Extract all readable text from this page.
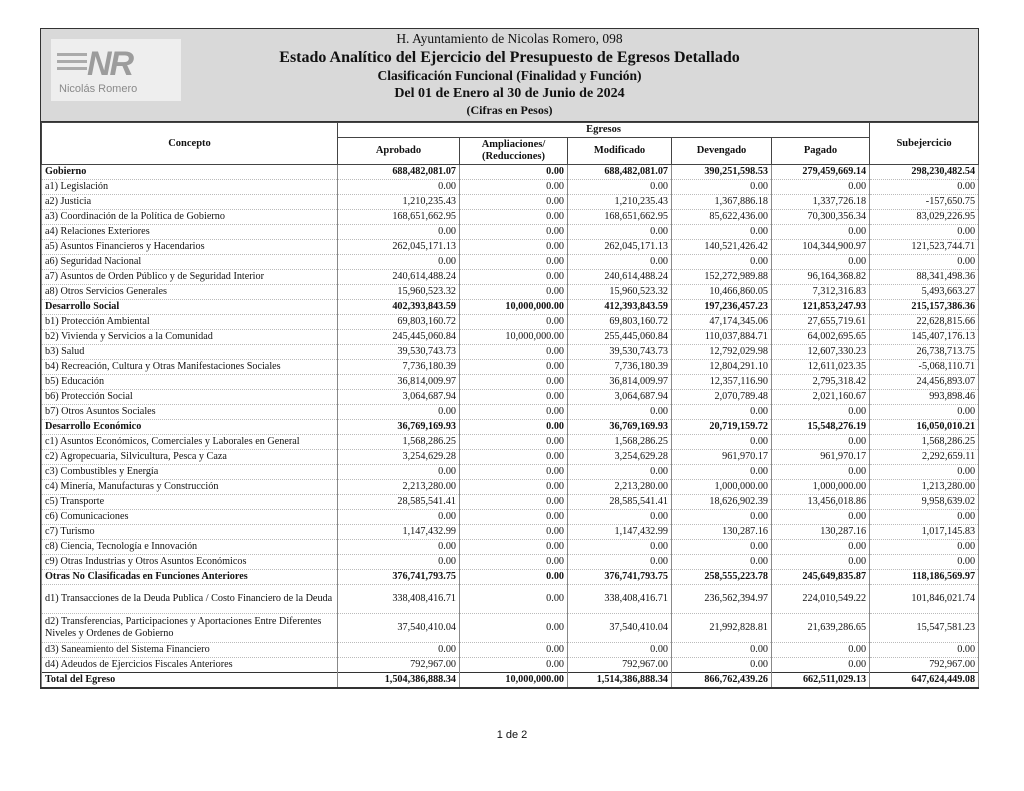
NR
Nicolás Romero

H. Ayuntamiento de Nicolas Romero, 098

Estado Analítico del Ejercicio del Presupuesto de Egresos Detallado

Clasificación Funcional (Finalidad y Función)

Del 01 de Enero al 30 de Junio de 2024

(Cifras en Pesos)

Concepto	Egresos					Subejercicio
	Aprobado	Ampliaciones/ (Reducciones)	Modificado	Devengado	Pagado	
Gobierno	688,482,081.07	0.00	688,482,081.07	390,251,598.53	279,459,669.14	298,230,482.54
a1) Legislación	0.00	0.00	0.00	0.00	0.00	0.00
a2) Justicia	1,210,235.43	0.00	1,210,235.43	1,367,886.18	1,337,726.18	-157,650.75
a3) Coordinación de la Política de Gobierno	168,651,662.95	0.00	168,651,662.95	85,622,436.00	70,300,356.34	83,029,226.95
a4) Relaciones Exteriores	0.00	0.00	0.00	0.00	0.00	0.00
a5) Asuntos Financieros y Hacendarios	262,045,171.13	0.00	262,045,171.13	140,521,426.42	104,344,900.97	121,523,744.71
a6) Seguridad Nacional	0.00	0.00	0.00	0.00	0.00	0.00
a7) Asuntos de Orden Público y de Seguridad Interior	240,614,488.24	0.00	240,614,488.24	152,272,989.88	96,164,368.82	88,341,498.36
a8) Otros Servicios Generales	15,960,523.32	0.00	15,960,523.32	10,466,860.05	7,312,316.83	5,493,663.27
Desarrollo Social	402,393,843.59	10,000,000.00	412,393,843.59	197,236,457.23	121,853,247.93	215,157,386.36
b1) Protección Ambiental	69,803,160.72	0.00	69,803,160.72	47,174,345.06	27,655,719.61	22,628,815.66
b2) Vivienda y Servicios a la Comunidad	245,445,060.84	10,000,000.00	255,445,060.84	110,037,884.71	64,002,695.65	145,407,176.13
b3) Salud	39,530,743.73	0.00	39,530,743.73	12,792,029.98	12,607,330.23	26,738,713.75
b4) Recreación, Cultura y Otras Manifestaciones Sociales	7,736,180.39	0.00	7,736,180.39	12,804,291.10	12,611,023.35	-5,068,110.71
b5) Educación	36,814,009.97	0.00	36,814,009.97	12,357,116.90	2,795,318.42	24,456,893.07
b6) Protección Social	3,064,687.94	0.00	3,064,687.94	2,070,789.48	2,021,160.67	993,898.46
b7) Otros Asuntos Sociales	0.00	0.00	0.00	0.00	0.00	0.00
Desarrollo Económico	36,769,169.93	0.00	36,769,169.93	20,719,159.72	15,548,276.19	16,050,010.21
c1) Asuntos Económicos, Comerciales y Laborales en General	1,568,286.25	0.00	1,568,286.25	0.00	0.00	1,568,286.25
c2) Agropecuaria, Silvicultura, Pesca y Caza	3,254,629.28	0.00	3,254,629.28	961,970.17	961,970.17	2,292,659.11
c3) Combustibles y Energía	0.00	0.00	0.00	0.00	0.00	0.00
c4) Minería, Manufacturas y Construcción	2,213,280.00	0.00	2,213,280.00	1,000,000.00	1,000,000.00	1,213,280.00
c5) Transporte	28,585,541.41	0.00	28,585,541.41	18,626,902.39	13,456,018.86	9,958,639.02
c6) Comunicaciones	0.00	0.00	0.00	0.00	0.00	0.00
c7) Turismo	1,147,432.99	0.00	1,147,432.99	130,287.16	130,287.16	1,017,145.83
c8) Ciencia, Tecnología e Innovación	0.00	0.00	0.00	0.00	0.00	0.00
c9) Otras Industrias y Otros Asuntos Económicos	0.00	0.00	0.00	0.00	0.00	0.00
Otras No Clasificadas en Funciones Anteriores	376,741,793.75	0.00	376,741,793.75	258,555,223.78	245,649,835.87	118,186,569.97
d1) Transacciones de la Deuda Publica / Costo Financiero de la Deuda	338,408,416.71	0.00	338,408,416.71	236,562,394.97	224,010,549.22	101,846,021.74
d2) Transferencias, Participaciones y Aportaciones Entre Diferentes Niveles y Ordenes de Gobierno	37,540,410.04	0.00	37,540,410.04	21,992,828.81	21,639,286.65	15,547,581.23
d3) Saneamiento del Sistema Financiero	0.00	0.00	0.00	0.00	0.00	0.00
d4) Adeudos de Ejercicios Fiscales Anteriores	792,967.00	0.00	792,967.00	0.00	0.00	792,967.00
Total del Egreso	1,504,386,888.34	10,000,000.00	1,514,386,888.34	866,762,439.26	662,511,029.13	647,624,449.08
1 de 2
